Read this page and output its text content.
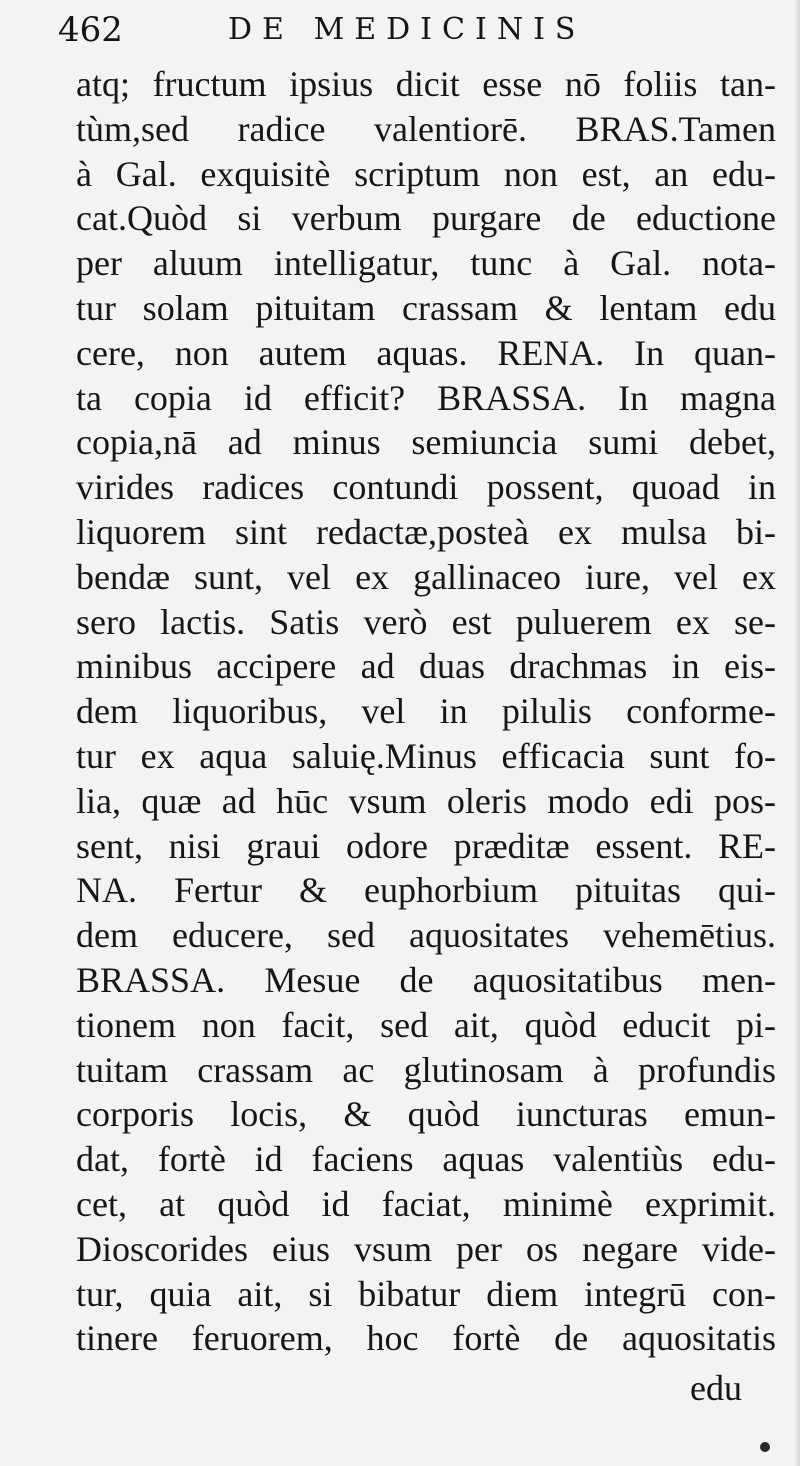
462	DE MEDICINIS
atq; fructum ipsius dicit esse nō foliis tan-
tùm,sed radice valentiorē. BRAS.Tamen
à Gal. exquisitè scriptum non est, an edu-
cat.Quòd si verbum purgare de eductione
per aluum intelligatur, tunc à Gal. nota-
tur solam pituitam crassam & lentam edu
cere, non autem aquas. RENA. In quan-
ta copia id efficit? BRASSA. In magna
copia,nā ad minus semiuncia sumi debet,
virides radices contundi possent, quoad in
liquorem sint redactæ,posteà ex mulsa bi-
bendæ sunt, vel ex gallinaceo iure, vel ex
sero lactis. Satis verò est puluerem ex se-
minibus accipere ad duas drachmas in eis-
dem liquoribus, vel in pilulis conforme-
tur ex aqua saluię.Minus efficacia sunt fo-
lia, quæ ad hūc vsum oleris modo edi pos-
sent, nisi graui odore præditæ essent. RE-
NA. Fertur & euphorbium pituitas qui-
dem educere, sed aquositates vehemētius.
BRASSA. Mesue de aquositatibus men-
tionem non facit, sed ait, quòd educit pi-
tuitam crassam ac glutinosam à profundis
corporis locis, & quòd iuncturas emun-
dat, fortè id faciens aquas valentiùs edu-
cet, at quòd id faciat, minimè exprimit.
Dioscorides eius vsum per os negare vide-
tur, quia ait, si bibatur diem integrū con-
tinere feruorem, hoc fortè de aquositatis
edu
